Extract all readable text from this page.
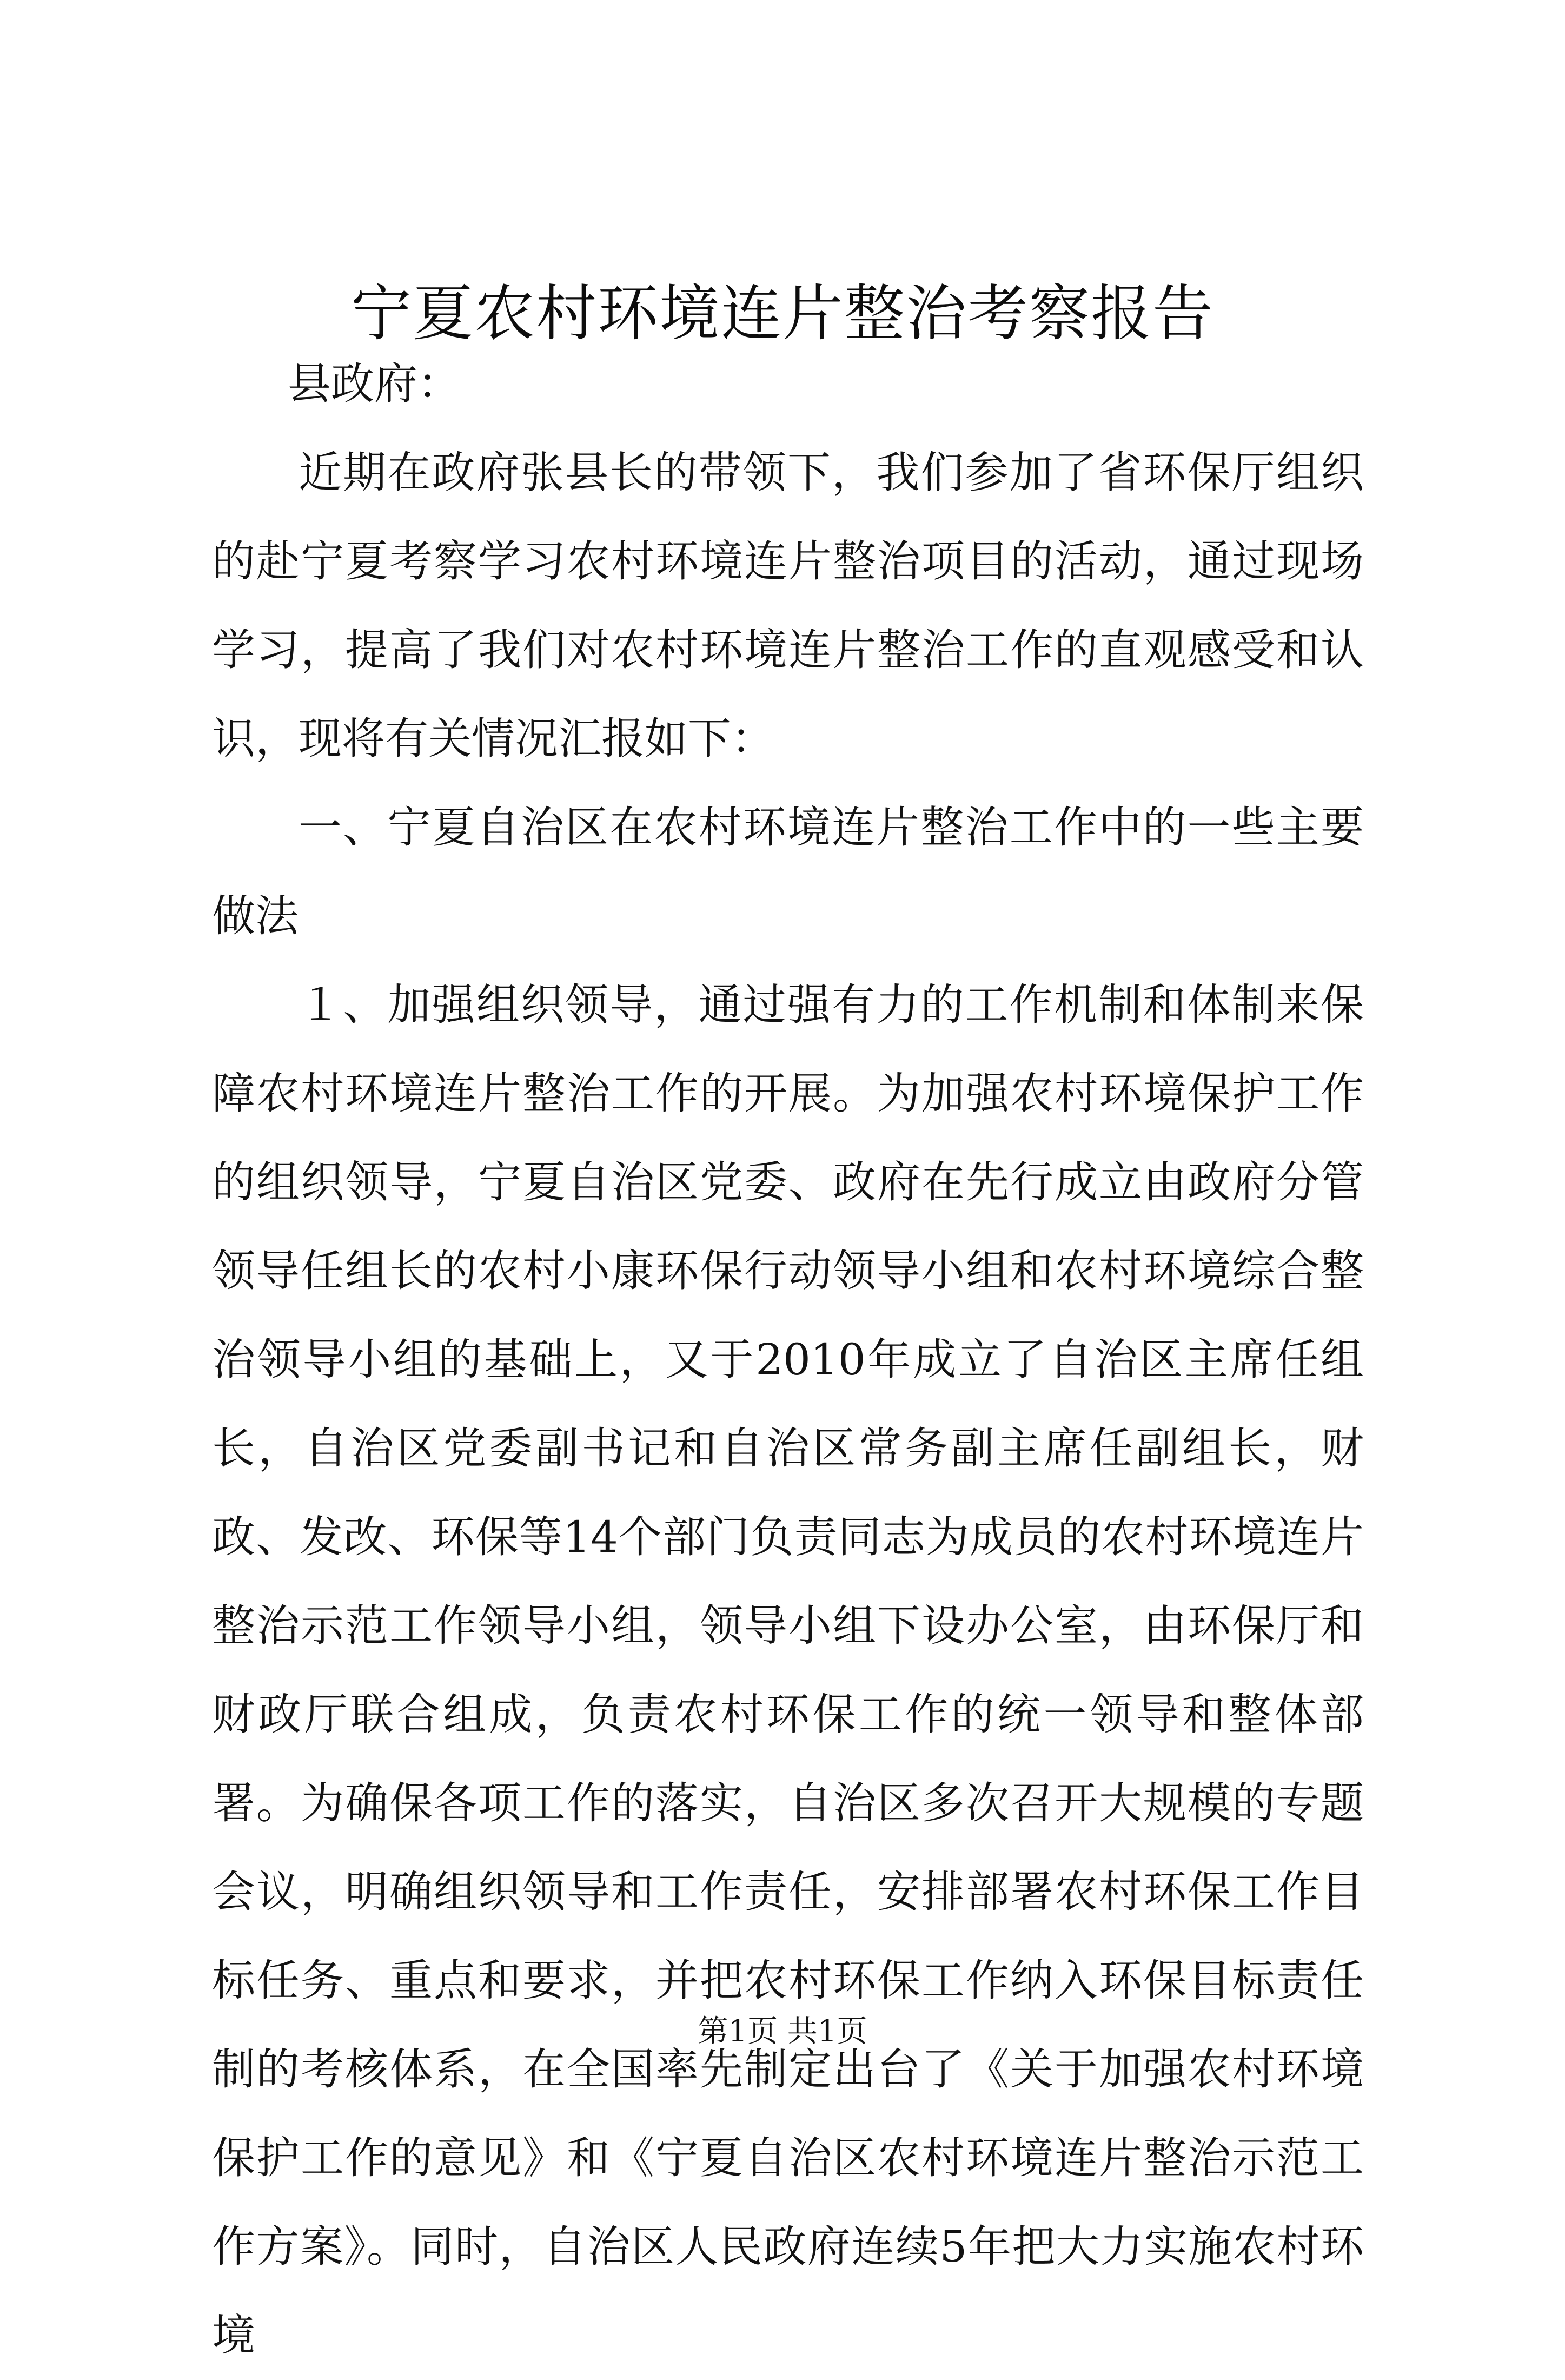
宁夏农村环境连片整治考察报告

县政府：

近期在政府张县长的带领下，我们参加了省环保厅组织的赴宁夏考察学习农村环境连片整治项目的活动，通过现场学习，提高了我们对农村环境连片整治工作的直观感受和认识，现将有关情况汇报如下：

一、宁夏自治区在农村环境连片整治工作中的一些主要做法

１、加强组织领导，通过强有力的工作机制和体制来保障农村环境连片整治工作的开展。为加强农村环境保护工作的组织领导，宁夏自治区党委、政府在先行成立由政府分管领导任组长的农村小康环保行动领导小组和农村环境综合整治领导小组的基础上，又于2010年成立了自治区主席任组长，自治区党委副书记和自治区常务副主席任副组长，财政、发改、环保等14个部门负责同志为成员的农村环境连片整治示范工作领导小组，领导小组下设办公室，由环保厅和财政厅联合组成，负责农村环保工作的统一领导和整体部署。为确保各项工作的落实，自治区多次召开大规模的专题会议，明确组织领导和工作责任，安排部署农村环保工作目标任务、重点和要求，并把农村环保工作纳入环保目标责任制的考核体系，在全国率先制定出台了《关于加强农村环境保护工作的意见》和《宁夏自治区农村环境连片整治示范工作方案》。同时，自治区人民政府连续5年把大力实施农村环境

第1页 共1页
